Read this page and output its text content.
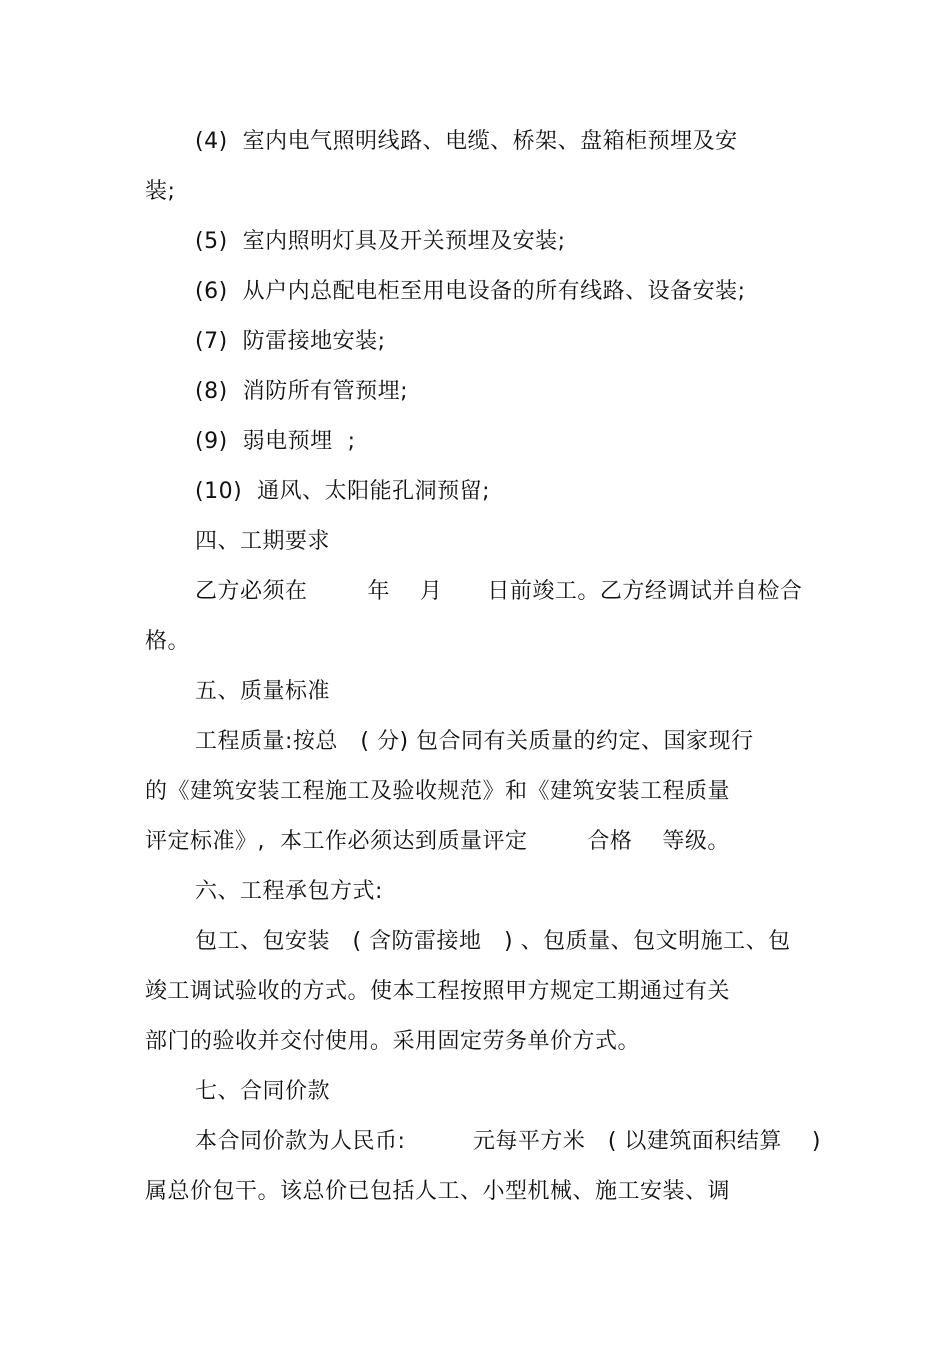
(4)  室内电气照明线路、电缆、桥架、盘箱柜预埋及安
装;
(5)  室内照明灯具及开关预埋及安装;
(6)  从户内总配电柜至用电设备的所有线路、设备安装;
(7)  防雷接地安装;
(8)  消防所有管预埋;
(9)  弱电预埋  ;
(10)  通风、太阳能孔洞预留;
四、工期要求
乙方必须在        年    月      日前竣工。乙方经调试并自检合
格。
五、质量标准
工程质量:按总   ( 分) 包合同有关质量的约定、国家现行
的《建筑安装工程施工及验收规范》和《建筑安装工程质量
评定标准》,  本工作必须达到质量评定        合格    等级。
六、工程承包方式:
包工、包安装   ( 含防雷接地   ) 、包质量、包文明施工、包
竣工调试验收的方式。使本工程按照甲方规定工期通过有关
部门的验收并交付使用。采用固定劳务单价方式。
七、合同价款
本合同价款为人民币:         元每平方米   ( 以建筑面积结算    )
属总价包干。该总价已包括人工、小型机械、施工安装、调
